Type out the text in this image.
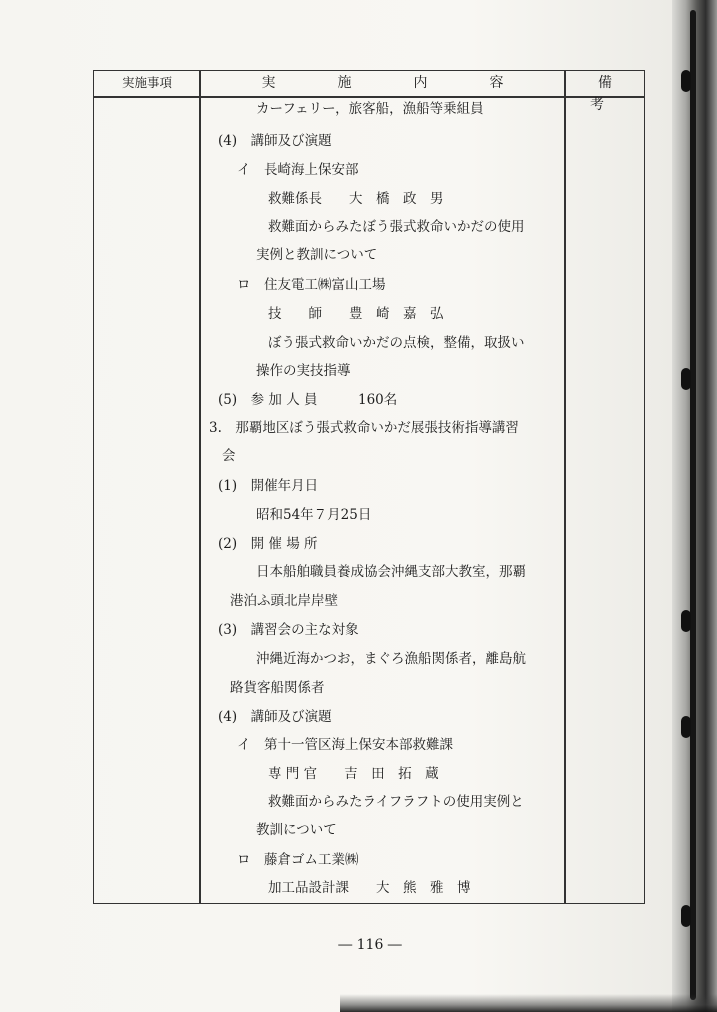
実施事項	実　施　内　容	備　考
カーフェリー，旅客船，漁船等乗組員
(4)　講師及び演題
イ　長崎海上保安部
救難係長　　大　橋　政　男
救難面からみたぼう張式救命いかだの使用
実例と教訓について
ロ　住友電工㈱富山工場
技　　師　　豊　崎　嘉　弘
ぼう張式救命いかだの点検，整備，取扱い
操作の実技指導
(5)　参 加 人 員　　　160名
3.　那覇地区ぼう張式救命いかだ展張技術指導講習
会
(1)　開催年月日
昭和54年７月25日
(2)　開 催 場 所
日本船舶職員養成協会沖縄支部大教室，那覇
港泊ふ頭北岸岸壁
(3)　講習会の主な対象
沖縄近海かつお，まぐろ漁船関係者，離島航
路貨客船関係者
(4)　講師及び演題
イ　第十一管区海上保安本部救難課
専 門 官　　吉　田　拓　蔵
救難面からみたライフラフトの使用実例と
教訓について
ロ　藤倉ゴム工業㈱
加工品設計課　　大　熊　雅　博
― 116 ―
